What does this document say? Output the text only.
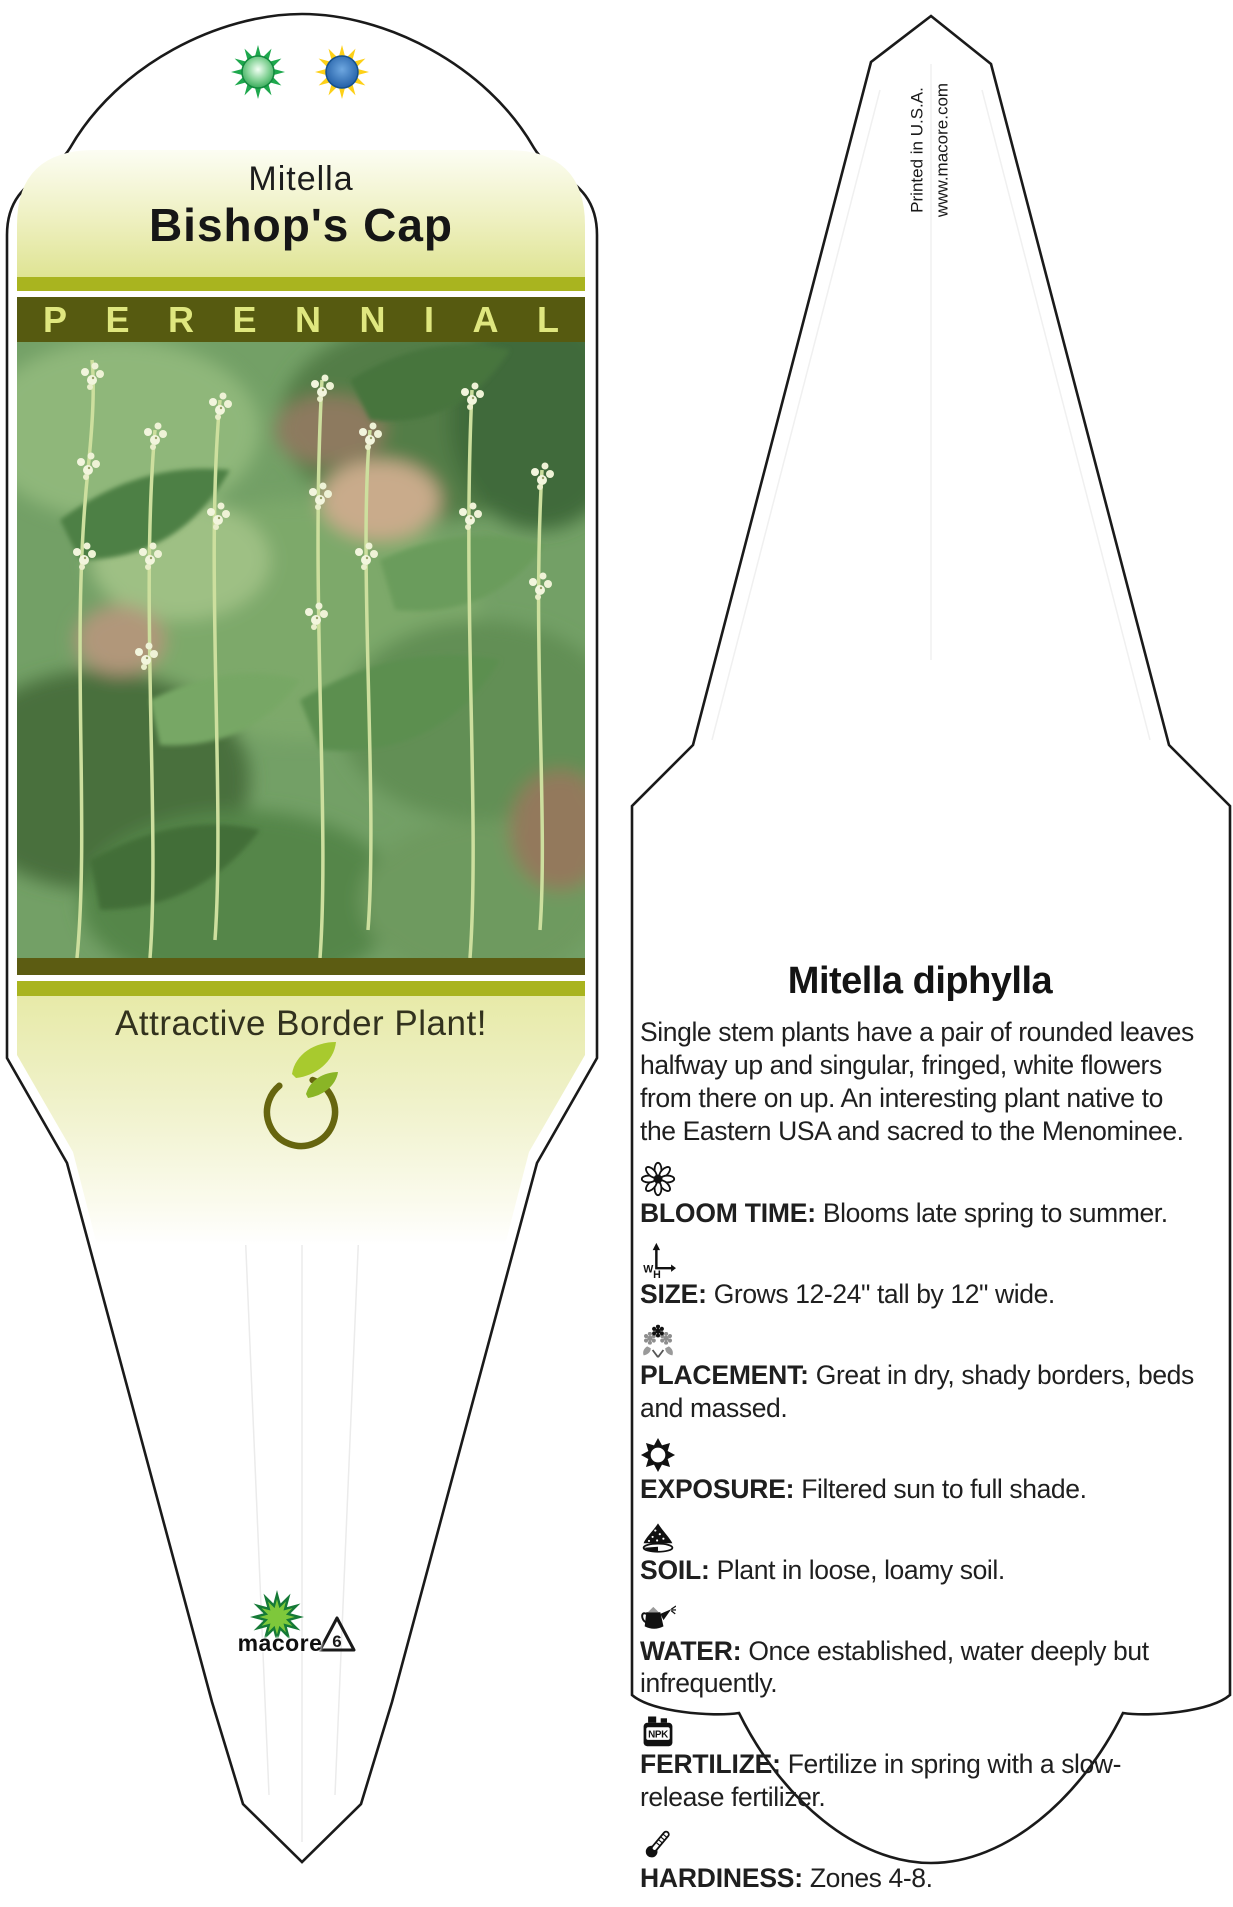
6
Mitella
Bishop's Cap
P E R E N N I A L
Attractive Border Plant!
macore
Printed in U.S.A. www.macore.com
Mitella diphylla

Single stem plants have a pair of rounded leaves halfway up and singular, fringed, white flowers from there on up. An interesting plant native to the Eastern USA and sacred to the Menominee.

BLOOM TIME: Blooms late spring to summer.

SIZE: Grows 12-24" tall by 12" wide.

PLACEMENT: Great in dry, shady borders, beds and massed.

EXPOSURE: Filtered sun to full shade.

SOIL: Plant in loose, loamy soil.

WATER: Once established, water deeply but infrequently.

FERTILIZE: Fertilize in spring with a slow-release fertilizer.

HARDINESS: Zones 4-8.
